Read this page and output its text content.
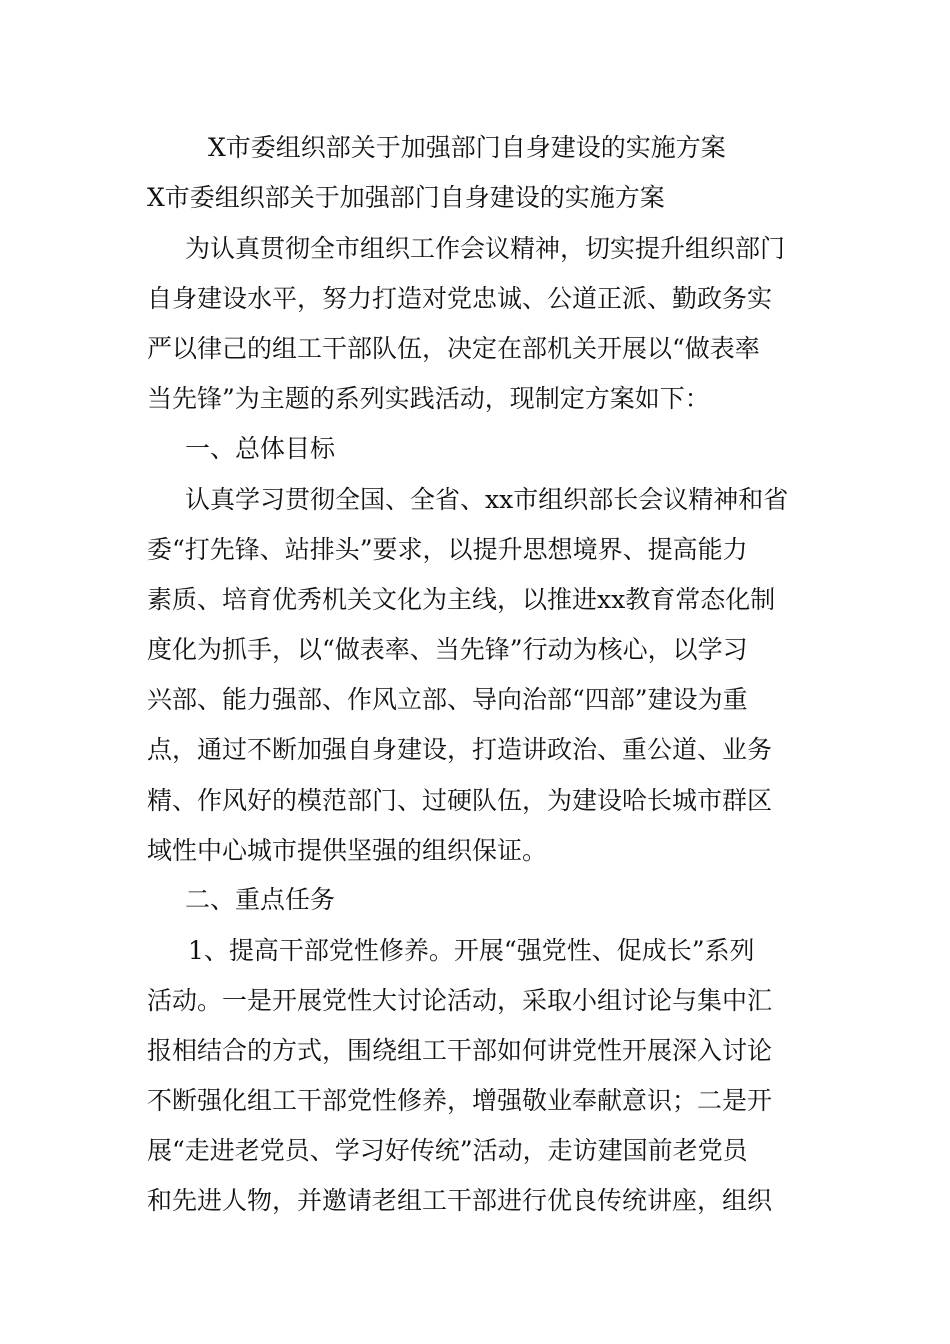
X市委组织部关于加强部门自身建设的实施方案

X市委组织部关于加强部门自身建设的实施方案

为认真贯彻全市组织工作会议精神，切实提升组织部门

自身建设水平，努力打造对党忠诚、公道正派、勤政务实

严以律己的组工干部队伍，决定在部机关开展以“做表率

当先锋”为主题的系列实践活动，现制定方案如下：

一、总体目标

认真学习贯彻全国、全省、xx市组织部长会议精神和省

委“打先锋、站排头”要求，以提升思想境界、提高能力

素质、培育优秀机关文化为主线，以推进xx教育常态化制

度化为抓手，以“做表率、当先锋”行动为核心，以学习

兴部、能力强部、作风立部、导向治部“四部”建设为重

点，通过不断加强自身建设，打造讲政治、重公道、业务

精、作风好的模范部门、过硬队伍，为建设哈长城市群区

域性中心城市提供坚强的组织保证。

二、重点任务

1、提高干部党性修养。开展“强党性、促成长”系列

活动。一是开展党性大讨论活动，采取小组讨论与集中汇

报相结合的方式，围绕组工干部如何讲党性开展深入讨论

不断强化组工干部党性修养，增强敬业奉献意识；二是开

展“走进老党员、学习好传统”活动，走访建国前老党员

和先进人物，并邀请老组工干部进行优良传统讲座，组织
